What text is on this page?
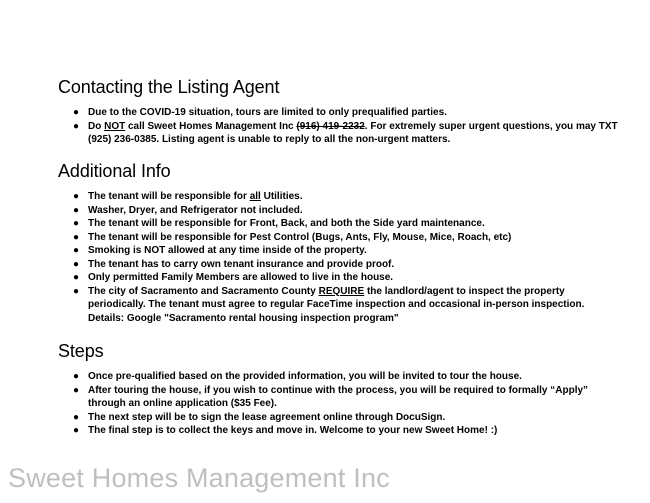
Contacting the Listing Agent
● Due to the COVID-19 situation, tours are limited to only prequalified parties.
● Do NOT call Sweet Homes Management Inc (916) 419-2232. For extremely super urgent questions, you may TXT (925) 236-0385. Listing agent is unable to reply to all the non-urgent matters.
Additional Info
● The tenant will be responsible for all Utilities.
● Washer, Dryer, and Refrigerator not included.
● The tenant will be responsible for Front, Back, and both the Side yard maintenance.
● The tenant will be responsible for Pest Control (Bugs, Ants, Fly, Mouse, Mice, Roach, etc)
● Smoking is NOT allowed at any time inside of the property.
● The tenant has to carry own tenant insurance and provide proof.
● Only permitted Family Members are allowed to live in the house.
● The city of Sacramento and Sacramento County REQUIRE the landlord/agent to inspect the property periodically. The tenant must agree to regular FaceTime inspection and occasional in-person inspection. Details: Google "Sacramento rental housing inspection program"
Steps
● Once pre-qualified based on the provided information, you will be invited to tour the house.
● After touring the house, if you wish to continue with the process, you will be required to formally “Apply” through an online application ($35 Fee).
● The next step will be to sign the lease agreement online through DocuSign.
● The final step is to collect the keys and move in. Welcome to your new Sweet Home! :)
Sweet Homes Management Inc
